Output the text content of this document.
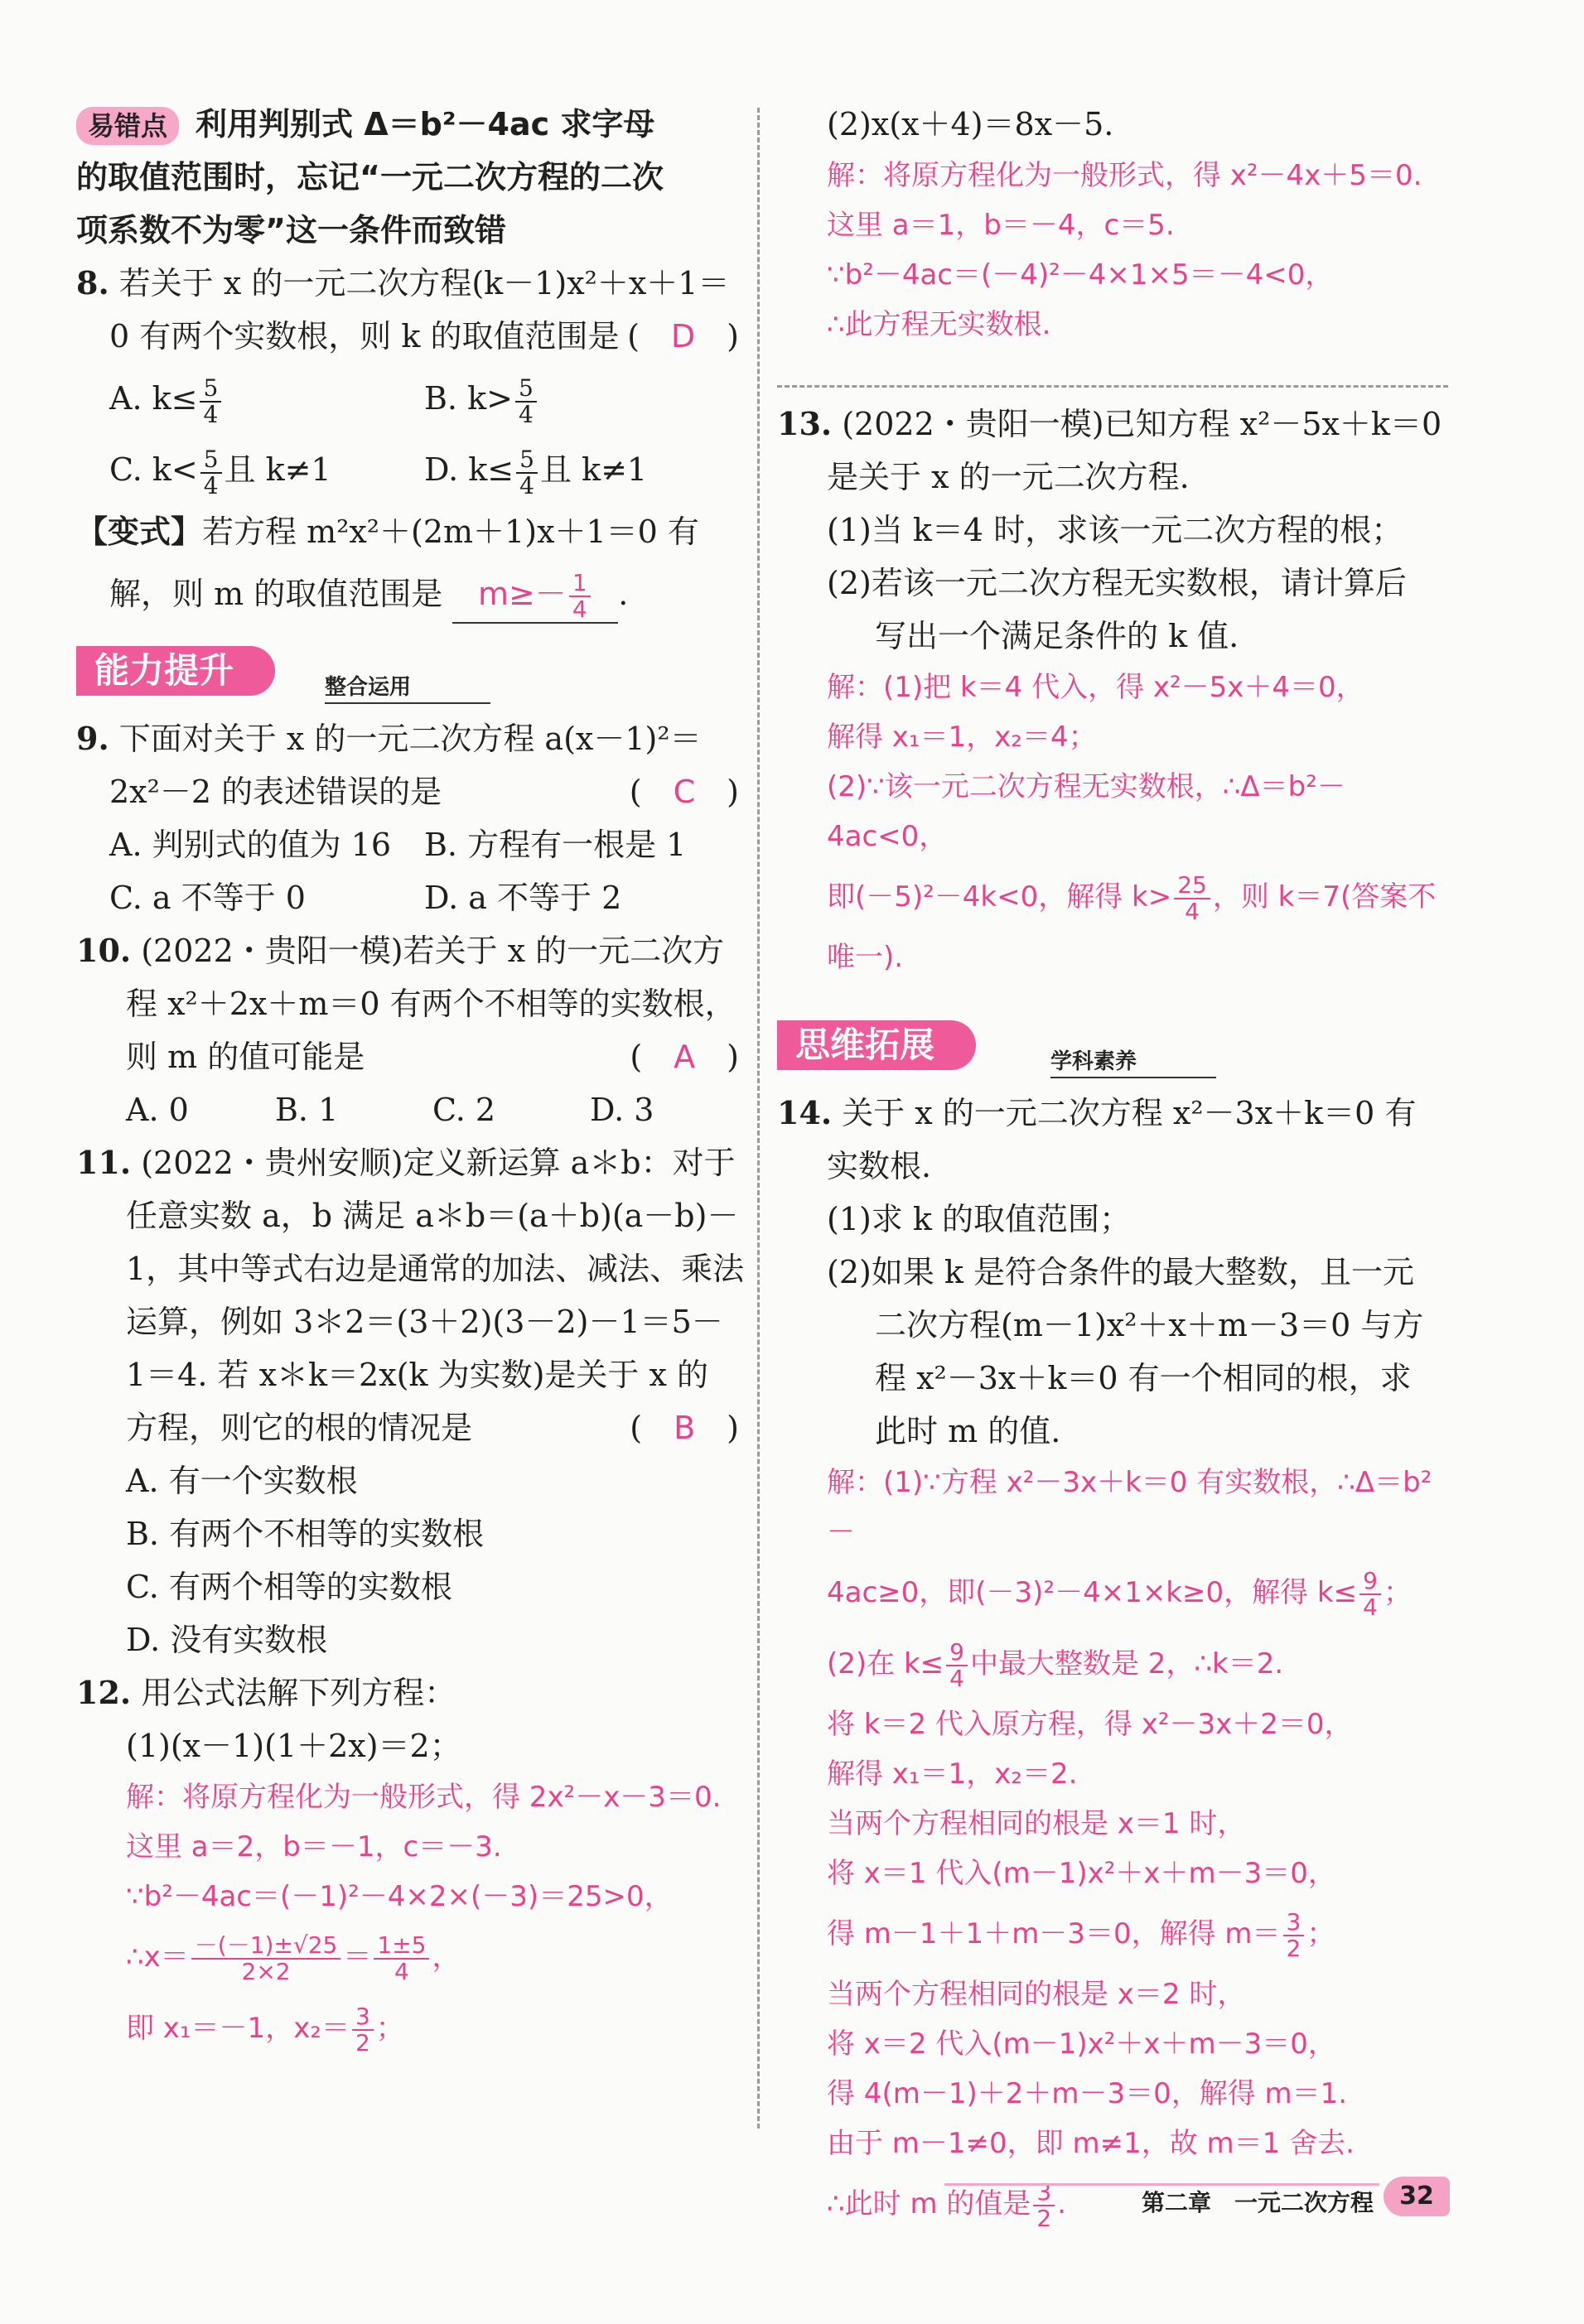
易错点 利用判别式 Δ＝b²－4ac 求字母
的取值范围时，忘记“一元二次方程的二次
项系数不为零”这一条件而致错
8. 若关于 x 的一元二次方程(k－1)x²＋x＋1＝
0 有两个实数根，则 k 的取值范围是 (　D　)
A. $k\le \frac{5}{4}$	B. $k> \frac{5}{4}$
C. $k< \frac{5}{4}$ 且 k≠1	D. $k\le \frac{5}{4}$ 且 k≠1
【变式】若方程 m²x²＋(2m＋1)x＋1＝0 有
解，则 m 的取值范围是 $m\ge- \frac{1}{4}$ .
能力提升	整合运用
9. 下面对关于 x 的一元二次方程 a(x－1)²＝
2x²－2 的表述错误的是	(　C　)
A. 判别式的值为 16	B. 方程有一根是 1
C. a 不等于 0	D. a 不等于 2
10. (2022・贵阳一模)若关于 x 的一元二次方
程 x²＋2x＋m＝0 有两个不相等的实数根，
则 m 的值可能是	(　A　)
A. 0	B. 1	C. 2	D. 3
11. (2022・贵州安顺)定义新运算 a＊b：对于
任意实数 a，b 满足 a＊b＝(a＋b)(a－b)－
1，其中等式右边是通常的加法、减法、乘法
运算，例如 3＊2＝(3＋2)(3－2)－1＝5－
1＝4. 若 x＊k＝2x(k 为实数)是关于 x 的
方程，则它的根的情况是	(　B　)
A. 有一个实数根
B. 有两个不相等的实数根
C. 有两个相等的实数根
D. 没有实数根
12. 用公式法解下列方程：
(1)(x－1)(1＋2x)＝2；
解：将原方程化为一般形式，得 2x²－x－3＝0.
这里 a＝2，b＝－1，c＝－3.
∵b²－4ac＝(－1)²－4×2×(－3)＝25>0，
∴x＝ $\frac{-(-1)\pm√25}{2\times 2} = \frac{1\pm 5}{4}$ ，
即 x₁＝－1，$x_2= \frac{3}{2}$ ；
(2)x(x＋4)＝8x－5.
解：将原方程化为一般形式，得 x²－4x＋5＝0.
这里 a＝1，b＝－4，c＝5.
∵b²－4ac＝(－4)²－4×1×5＝－4<0，
∴此方程无实数根.
13. (2022・贵阳一模)已知方程 x²－5x＋k＝0
是关于 x 的一元二次方程.
(1)当 k＝4 时，求该一元二次方程的根；
(2)若该一元二次方程无实数根，请计算后
写出一个满足条件的 k 值.
解：(1)把 k＝4 代入，得 x²－5x＋4＝0，
解得 x₁＝1，x₂＝4；
(2)∵该一元二次方程无实数根，∴Δ＝b²－4ac<0，
即(－5)²－4k<0，解得 $k> \frac{25}{4}$ ，则 k＝7(答案不
唯一).
思维拓展	学科素养
14. 关于 x 的一元二次方程 x²－3x＋k＝0 有
实数根.
(1)求 k 的取值范围；
(2)如果 k 是符合条件的最大整数，且一元
二次方程(m－1)x²＋x＋m－3＝0 与方
程 x²－3x＋k＝0 有一个相同的根，求
此时 m 的值.
解：(1)∵方程 x²－3x＋k＝0 有实数根，∴Δ＝b²－
4ac≥0，即(－3)²－4×1×k≥0，解得 $k\le \frac{9}{4}$ ；
(2)在 $k\le \frac{9}{4}$ 中最大整数是 2，∴k＝2.
将 k＝2 代入原方程，得 x²－3x＋2＝0，
解得 x₁＝1，x₂＝2.
当两个方程相同的根是 x＝1 时，
将 x＝1 代入(m－1)x²＋x＋m－3＝0，
得 m－1＋1＋m－3＝0，解得 $m= \frac{3}{2}$ ；
当两个方程相同的根是 x＝2 时，
将 x＝2 代入(m－1)x²＋x＋m－3＝0，
得 4(m－1)＋2＋m－3＝0，解得 m＝1.
由于 m－1≠0，即 m≠1，故 m＝1 舍去.
∴此时 m 的值是 $\frac{3}{2}$ .	第二章　一元二次方程	32
